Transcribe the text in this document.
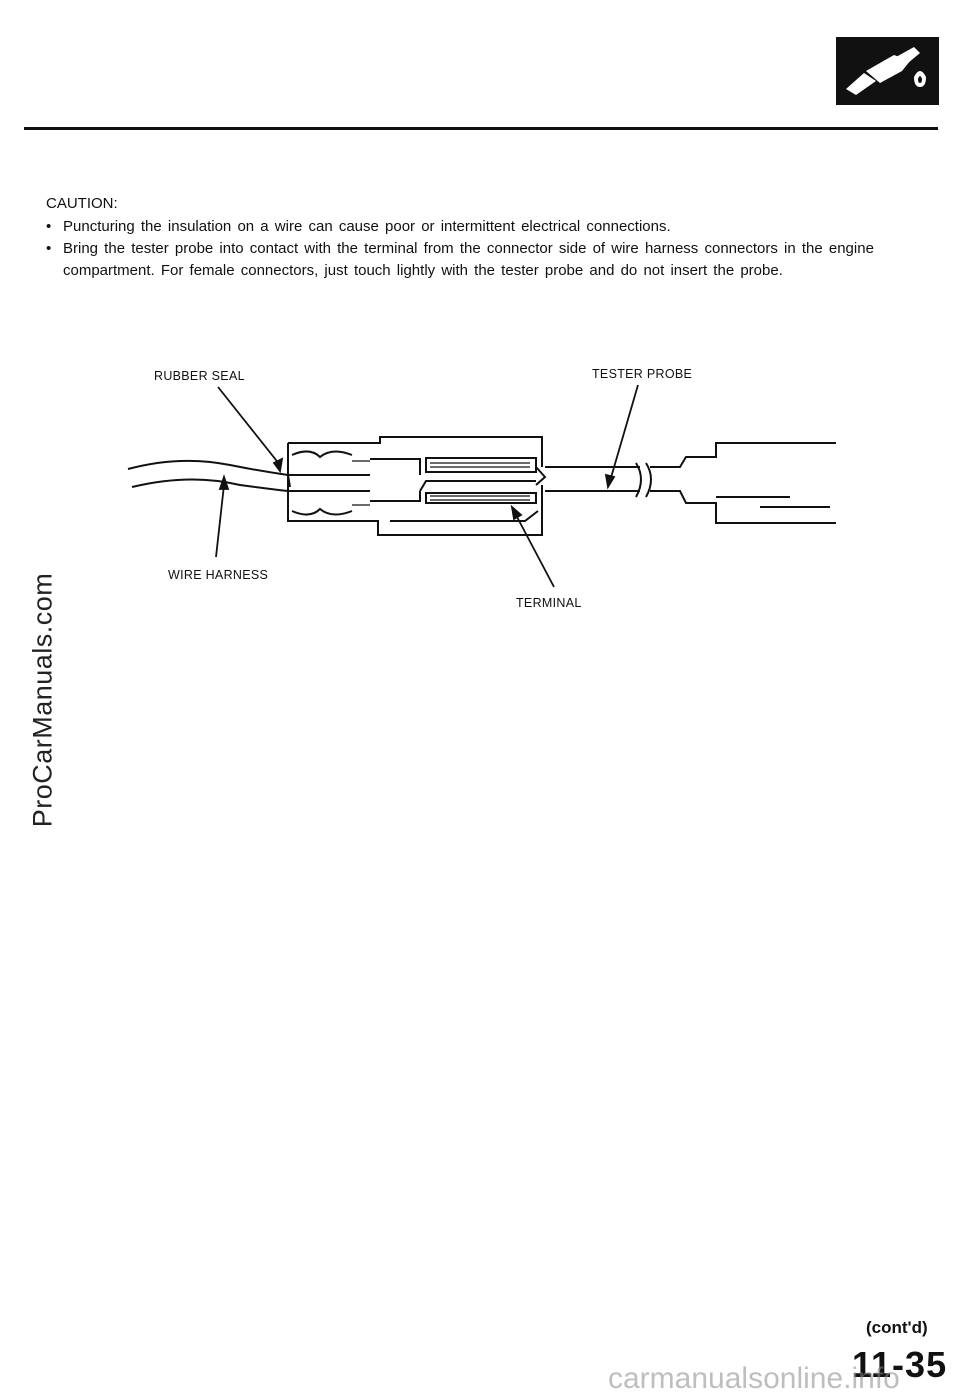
CAUTION:

• Puncturing the insulation on a wire can cause poor or intermittent electrical connections.

• Bring the tester probe into contact with the terminal from the connector side of wire harness connectors in the engine compartment. For female connectors, just touch lightly with the tester probe and do not insert the probe.

RUBBER SEAL	TESTER PROBE
WIRE HARNESS
TERMINAL
ProCarManuals.com
(cont'd)
11-35
carmanualsonline.info
